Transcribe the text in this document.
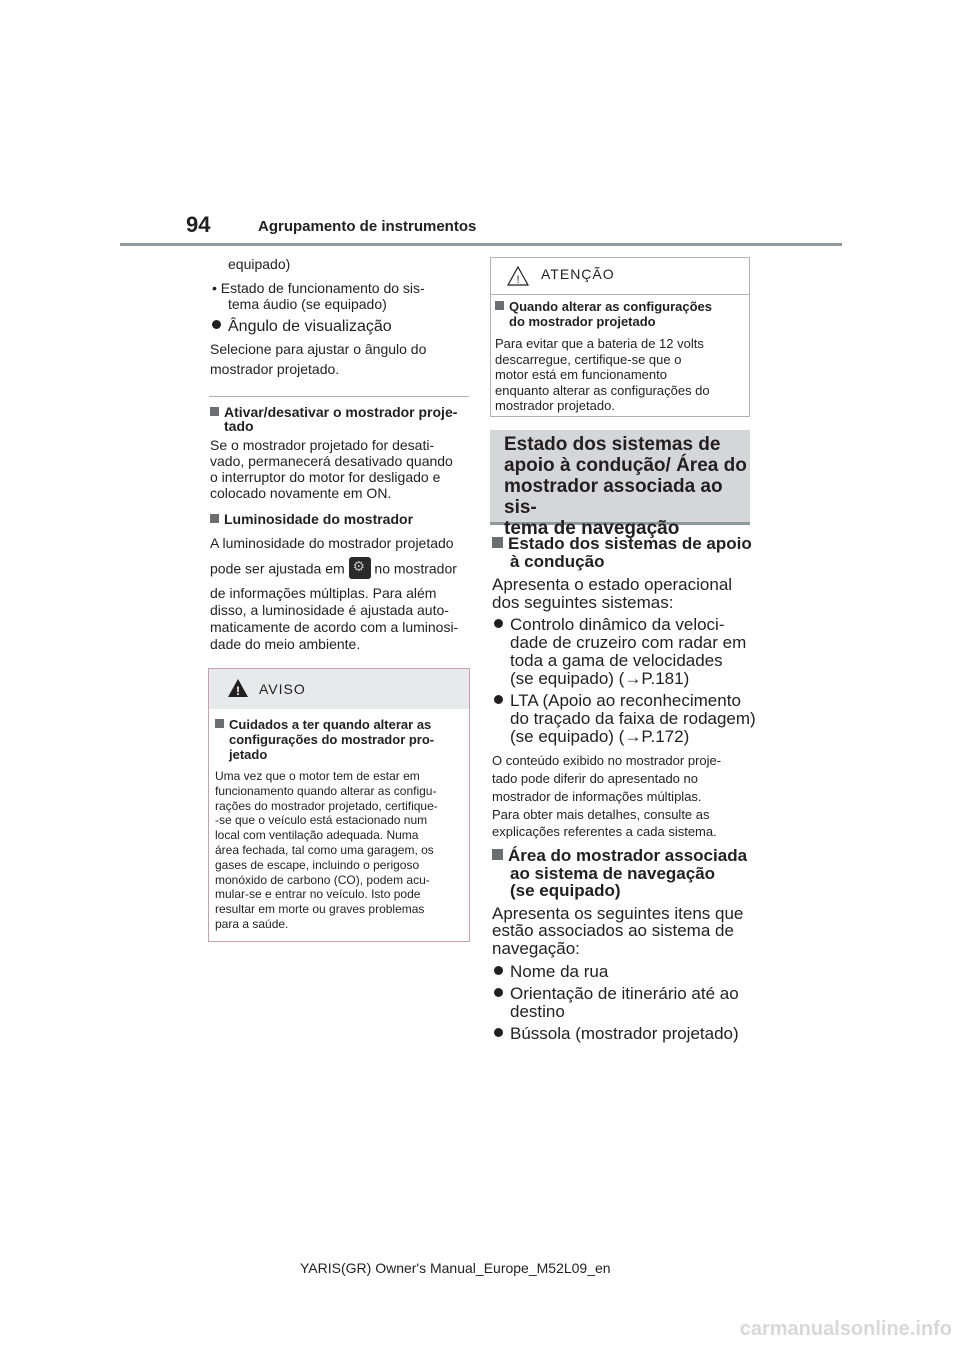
94	Agrupamento de instrumentos
equipado)
• Estado de funcionamento do sis-
tema áudio (se equipado)
Ângulo de visualização
Selecione para ajustar o ângulo do
mostrador projetado.
Ativar/desativar o mostrador proje-
tado
Se o mostrador projetado for desati-
vado, permanecerá desativado quando
o interruptor do motor for desligado e
colocado novamente em ON.
Luminosidade do mostrador
A luminosidade do mostrador projetado
pode ser ajustada em ⚙ no mostrador
de informações múltiplas. Para além
disso, a luminosidade é ajustada auto-
maticamente de acordo com a luminosi-
dade do meio ambiente.
! AVISO
Cuidados a ter quando alterar as
configurações do mostrador pro-
jetado
Uma vez que o motor tem de estar em
funcionamento quando alterar as configu-
rações do mostrador projetado, certifique-
-se que o veículo está estacionado num
local com ventilação adequada. Numa
área fechada, tal como uma garagem, os
gases de escape, incluindo o perigoso
monóxido de carbono (CO), podem acu-
mular-se e entrar no veículo. Isto pode
resultar em morte ou graves problemas
para a saúde.
! ATENÇÃO
Quando alterar as configurações
do mostrador projetado
Para evitar que a bateria de 12 volts
descarregue, certifique-se que o
motor está em funcionamento
enquanto alterar as configurações do
mostrador projetado.
Estado dos sistemas de
apoio à condução/ Área do
mostrador associada ao sis-
tema de navegação
Estado dos sistemas de apoio
à condução
Apresenta o estado operacional
dos seguintes sistemas:
Controlo dinâmico da veloci-
dade de cruzeiro com radar em
toda a gama de velocidades
(se equipado) (→P.181)
LTA (Apoio ao reconhecimento
do traçado da faixa de rodagem)
(se equipado) (→P.172)
O conteúdo exibido no mostrador proje-
tado pode diferir do apresentado no
mostrador de informações múltiplas.
Para obter mais detalhes, consulte as
explicações referentes a cada sistema.
Área do mostrador associada
ao sistema de navegação
(se equipado)
Apresenta os seguintes itens que
estão associados ao sistema de
navegação:
Nome da rua
Orientação de itinerário até ao
destino
Bússola (mostrador projetado)
YARIS(GR) Owner's Manual_Europe_M52L09_en
carmanualsonline.info
